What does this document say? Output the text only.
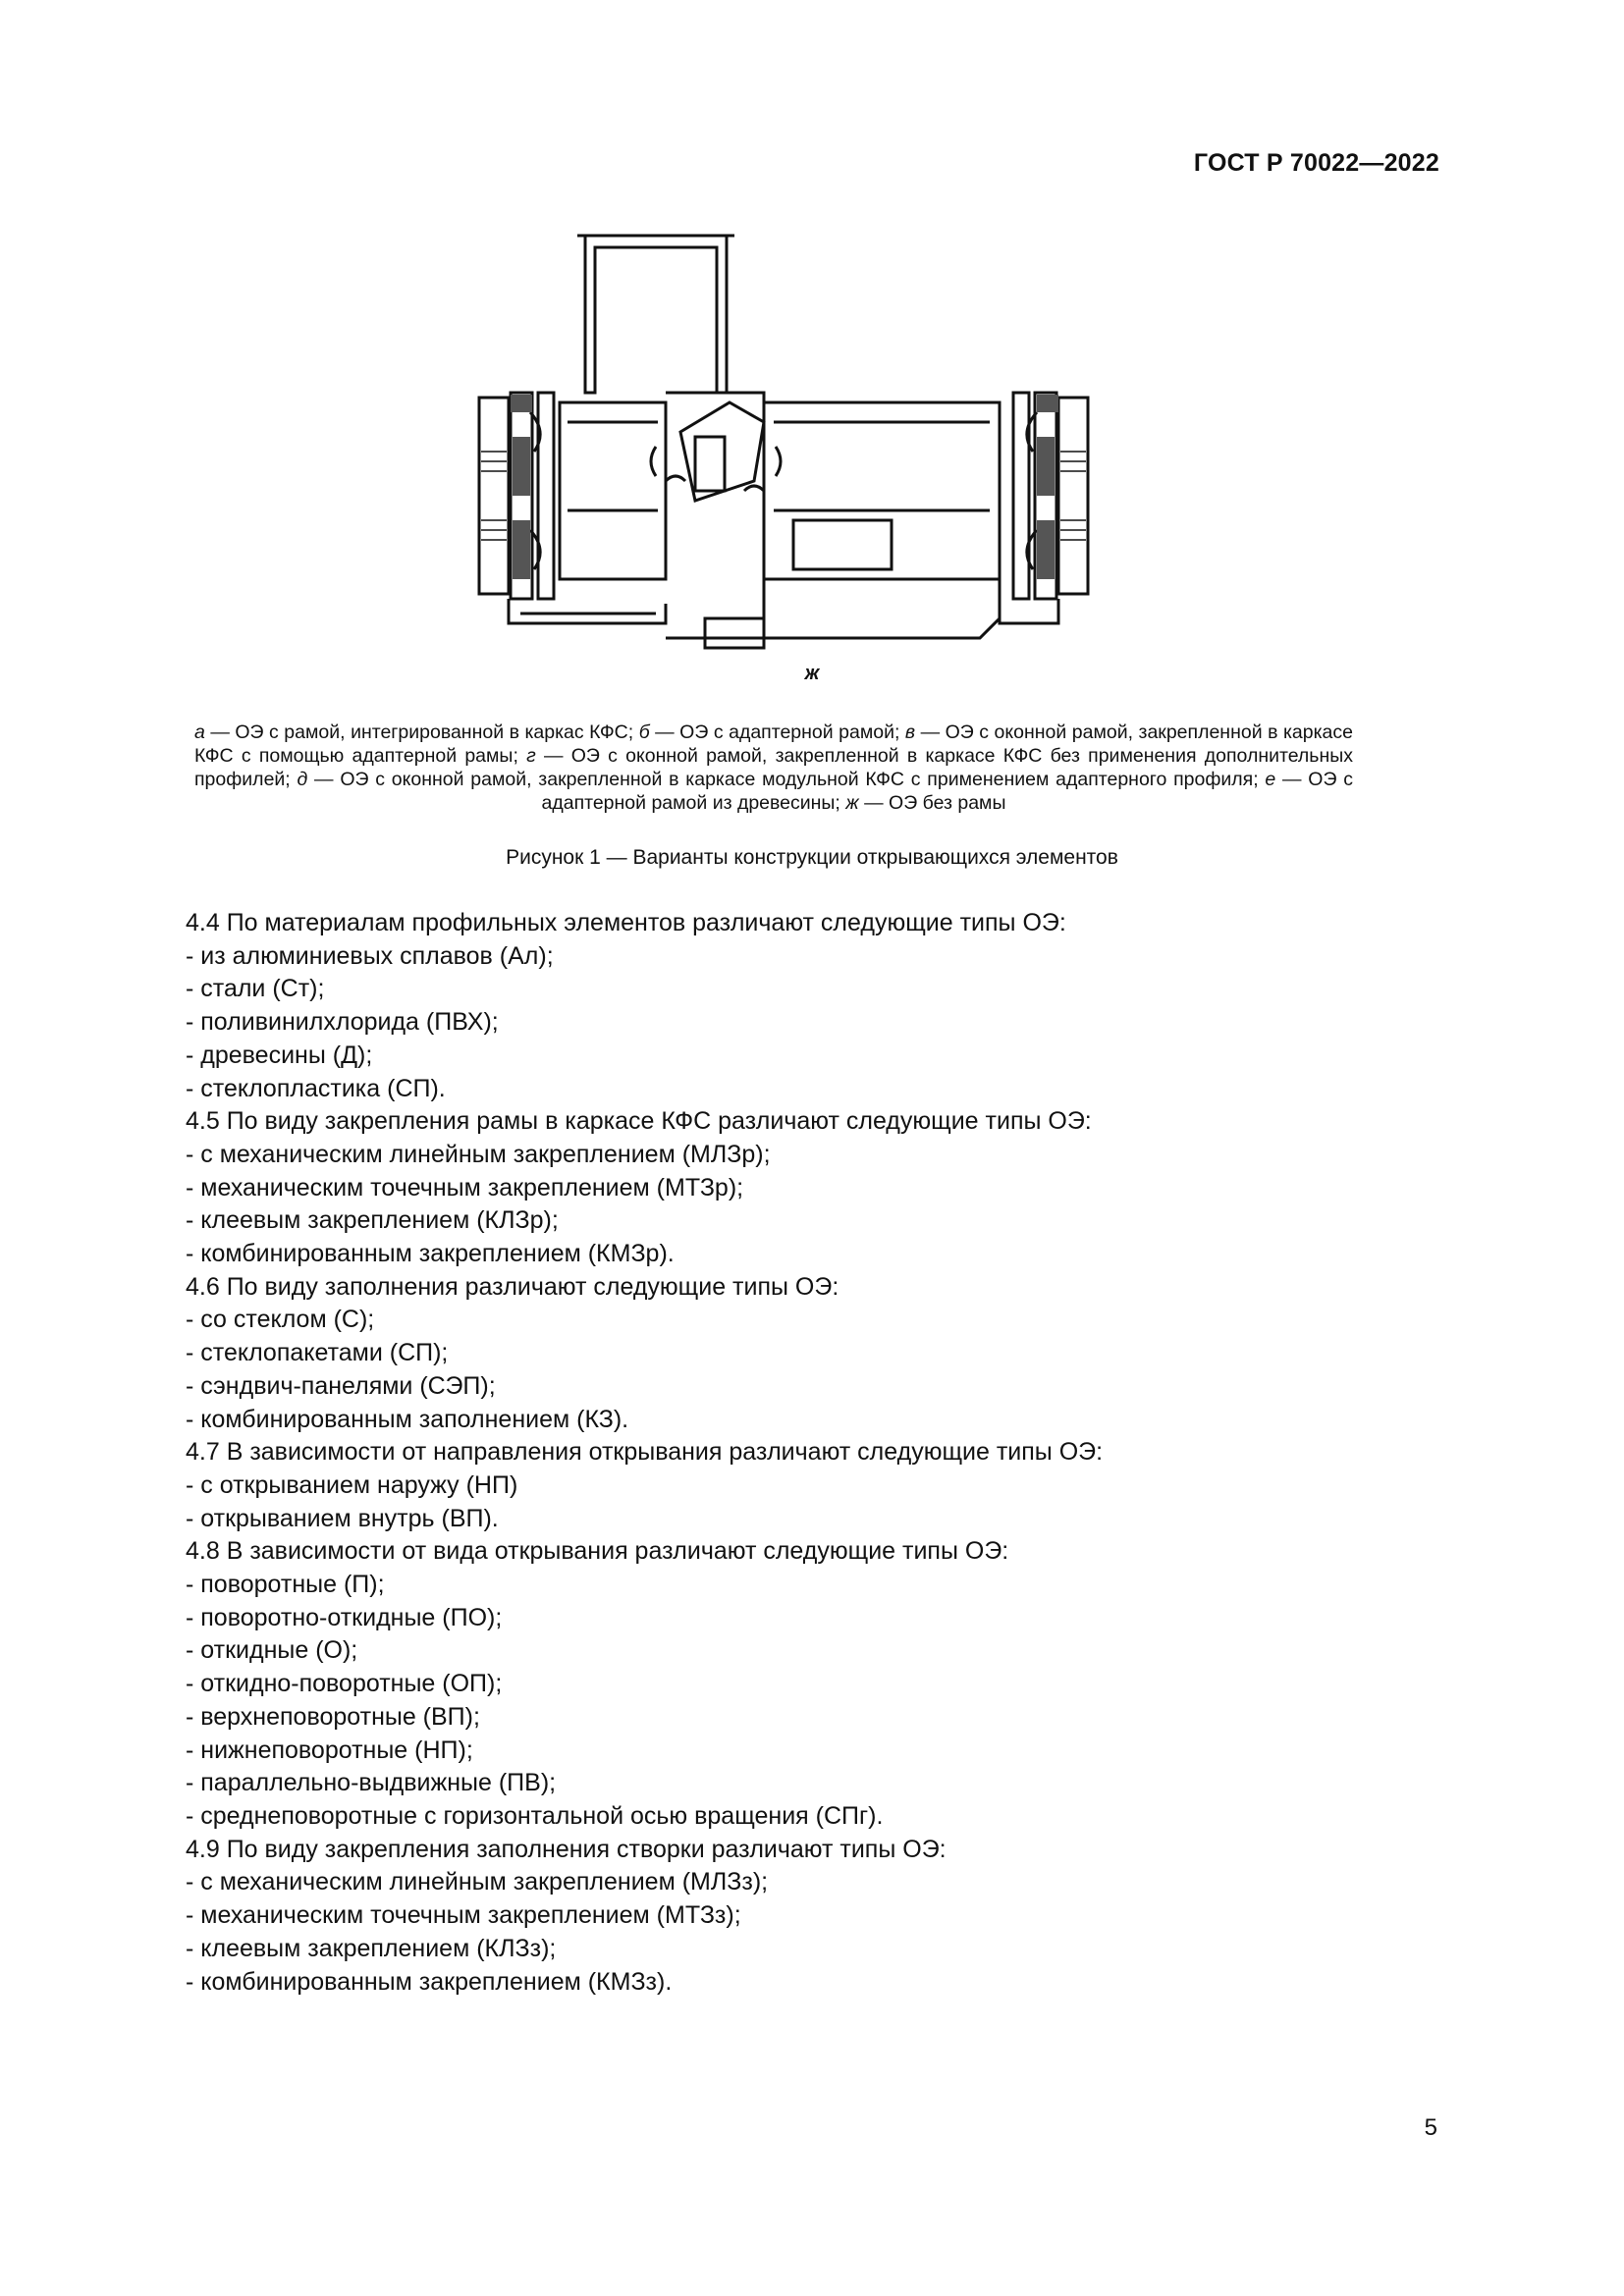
ГОСТ Р 70022—2022
ж
а — ОЭ с рамой, интегрированной в каркас КФС; б — ОЭ с адаптерной рамой; в — ОЭ с оконной рамой, закрепленной в каркасе КФС с помощью адаптерной рамы; г — ОЭ с оконной рамой, закрепленной в каркасе КФС без применения дополнительных профилей; д — ОЭ с оконной рамой, закрепленной в каркасе модульной КФС с применением адаптерного профиля; е — ОЭ с адаптерной рамой из древесины; ж — ОЭ без рамы
Рисунок 1 — Варианты конструкции открывающихся элементов
4.4 По материалам профильных элементов различают следующие типы ОЭ:
- из алюминиевых сплавов (Ал);
- стали (Ст);
- поливинилхлорида (ПВХ);
- древесины (Д);
- стеклопластика (СП).
4.5 По виду закрепления рамы в каркасе КФС различают следующие типы ОЭ:
- с механическим линейным закреплением (МЛЗр);
- механическим точечным закреплением (МТЗр);
- клеевым закреплением (КЛЗр);
- комбинированным закреплением (КМЗр).
4.6 По виду заполнения различают следующие типы ОЭ:
- со стеклом (С);
- стеклопакетами (СП);
- сэндвич-панелями (СЭП);
- комбинированным заполнением (КЗ).
4.7 В зависимости от направления открывания различают следующие типы ОЭ:
- с открыванием наружу (НП)
- открыванием внутрь (ВП).
4.8 В зависимости от вида открывания различают следующие типы ОЭ:
- поворотные (П);
- поворотно-откидные (ПО);
- откидные (О);
- откидно-поворотные (ОП);
- верхнеповоротные (ВП);
- нижнеповоротные (НП);
- параллельно-выдвижные (ПВ);
- среднеповоротные с горизонтальной осью вращения (СПг).
4.9 По виду закрепления заполнения створки различают типы ОЭ:
- с механическим линейным закреплением (МЛЗз);
- механическим точечным закреплением (МТЗз);
- клеевым закреплением (КЛЗз);
- комбинированным закреплением (КМЗз).
5
